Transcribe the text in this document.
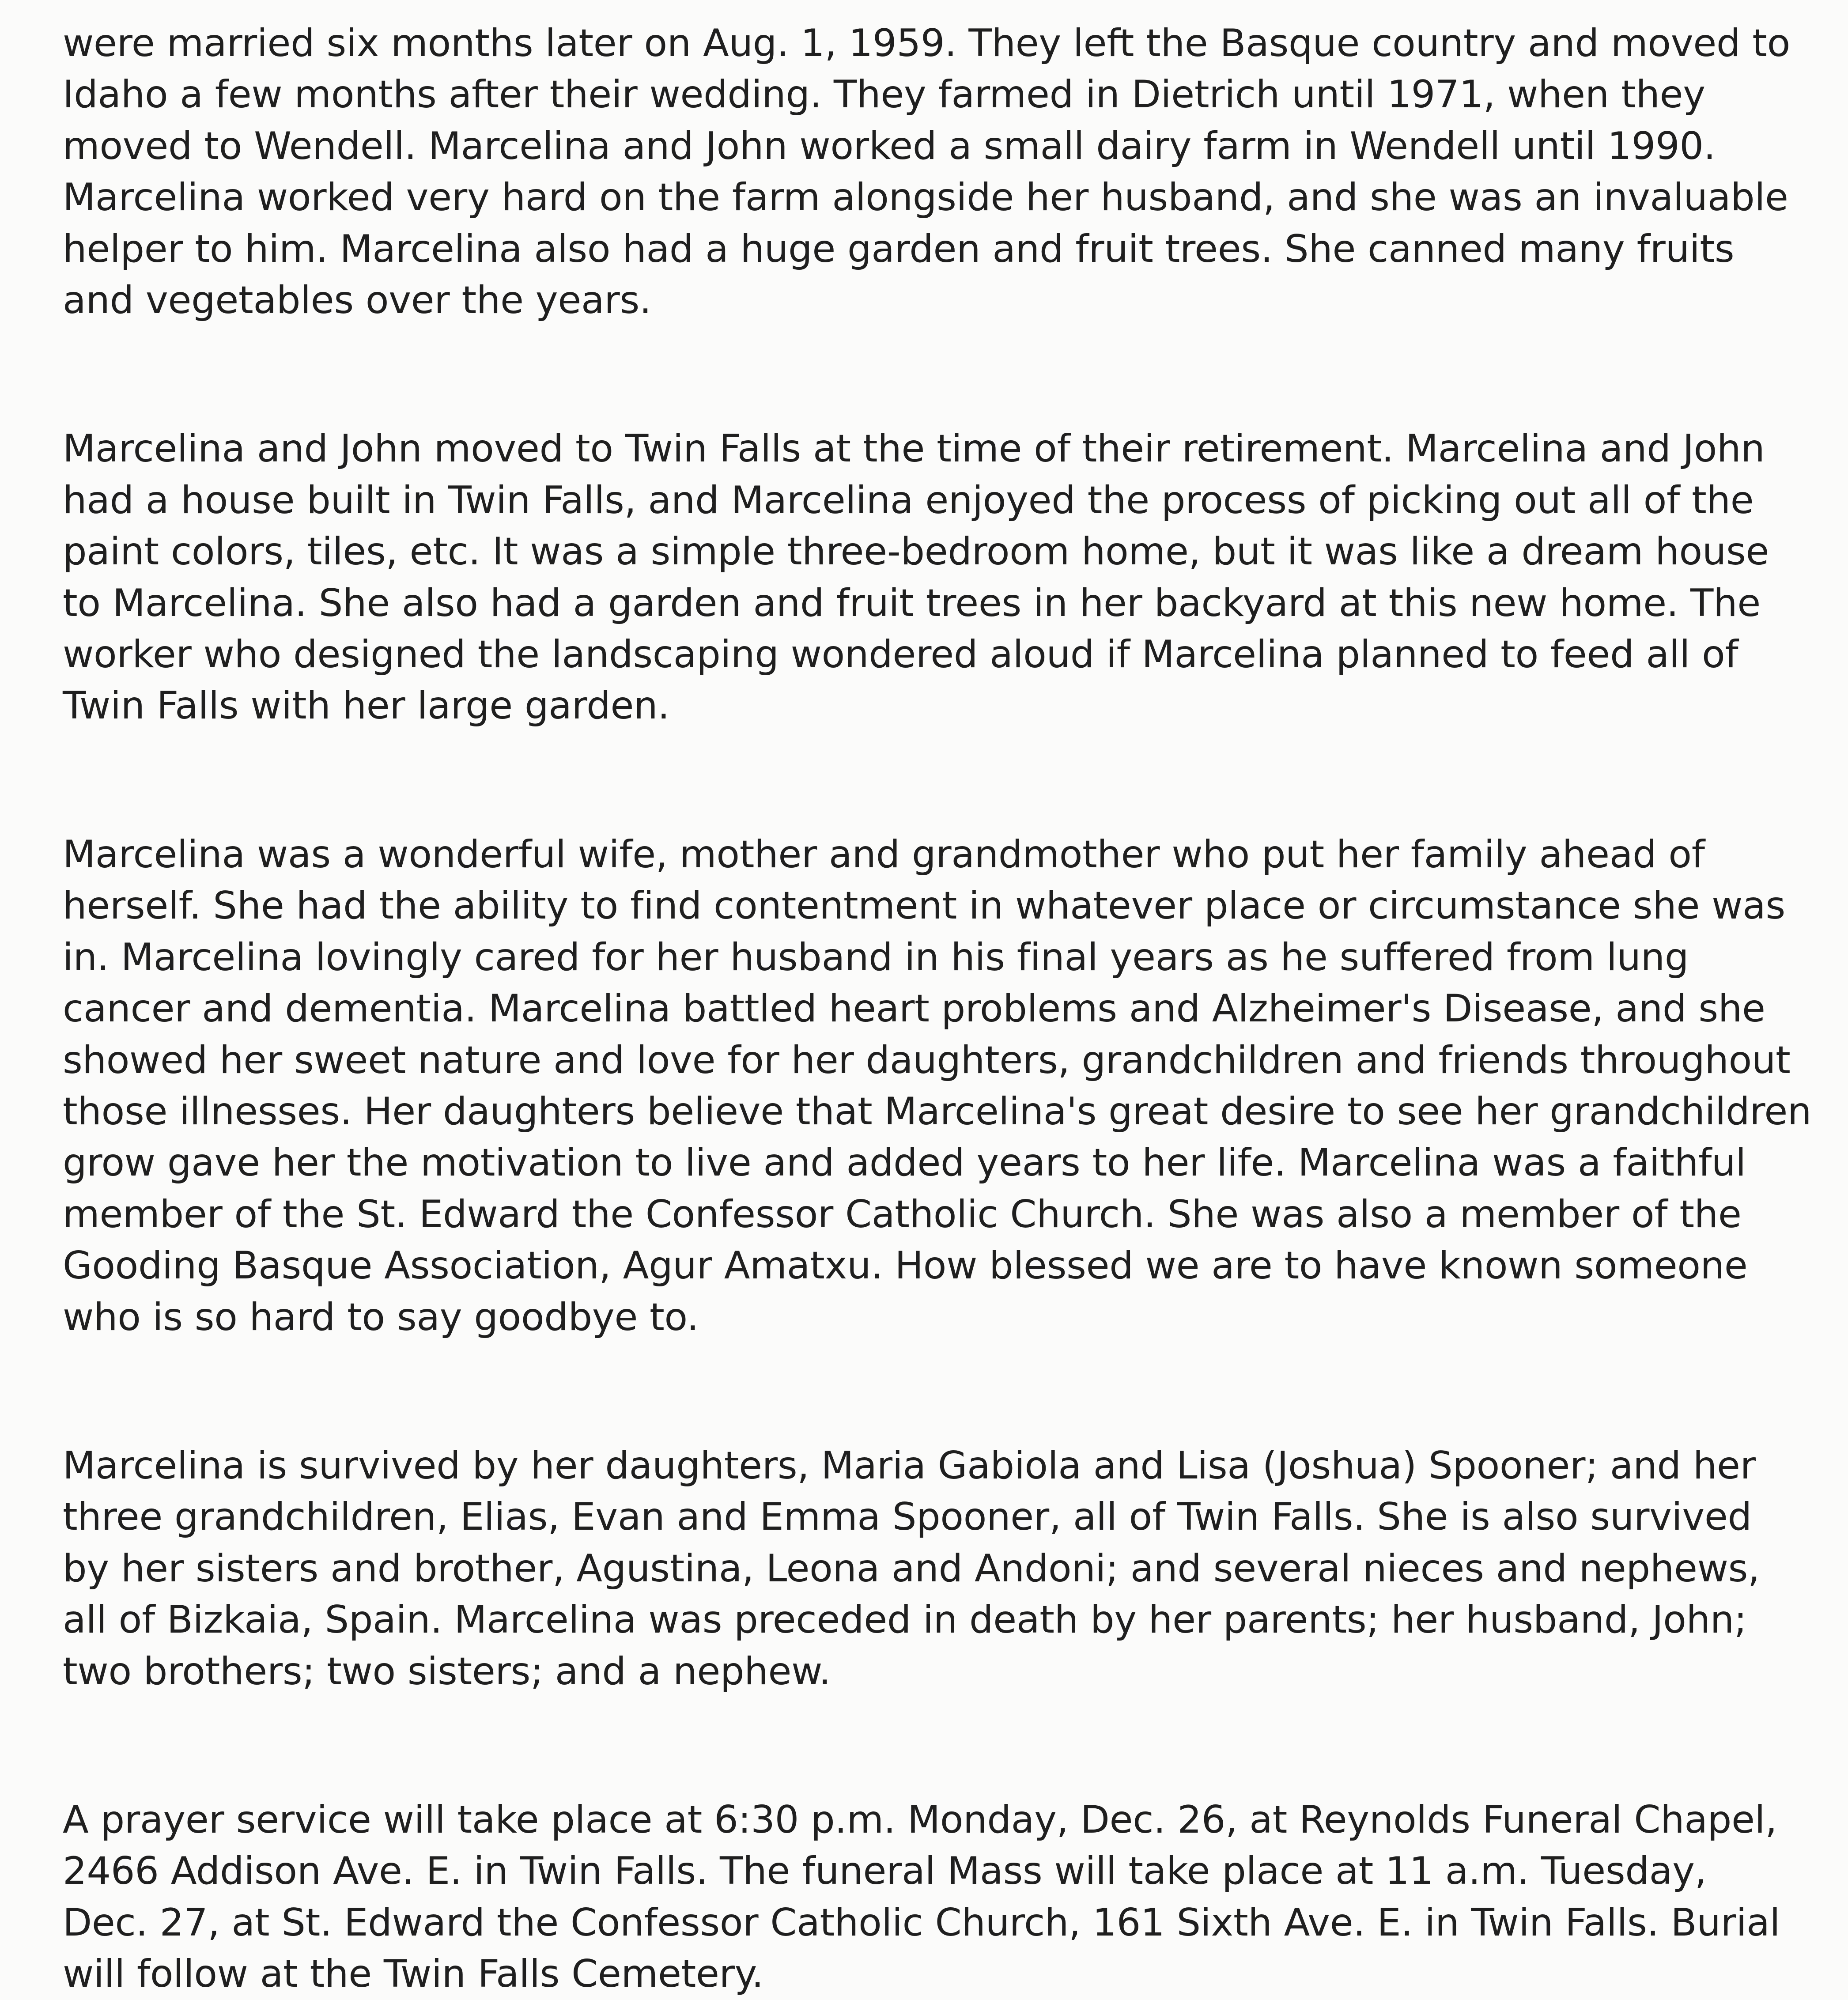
were married six months later on Aug. 1, 1959. They left the Basque country and moved to
Idaho a few months after their wedding. They farmed in Dietrich until 1971, when they
moved to Wendell. Marcelina and John worked a small dairy farm in Wendell until 1990.
Marcelina worked very hard on the farm alongside her husband, and she was an invaluable
helper to him. Marcelina also had a huge garden and fruit trees. She canned many fruits
and vegetables over the years.
Marcelina and John moved to Twin Falls at the time of their retirement. Marcelina and John
had a house built in Twin Falls, and Marcelina enjoyed the process of picking out all of the
paint colors, tiles, etc. It was a simple three-bedroom home, but it was like a dream house
to Marcelina. She also had a garden and fruit trees in her backyard at this new home. The
worker who designed the landscaping wondered aloud if Marcelina planned to feed all of
Twin Falls with her large garden.
Marcelina was a wonderful wife, mother and grandmother who put her family ahead of
herself. She had the ability to find contentment in whatever place or circumstance she was
in. Marcelina lovingly cared for her husband in his final years as he suffered from lung
cancer and dementia. Marcelina battled heart problems and Alzheimer's Disease, and she
showed her sweet nature and love for her daughters, grandchildren and friends throughout
those illnesses. Her daughters believe that Marcelina's great desire to see her grandchildren
grow gave her the motivation to live and added years to her life. Marcelina was a faithful
member of the St. Edward the Confessor Catholic Church. She was also a member of the
Gooding Basque Association, Agur Amatxu. How blessed we are to have known someone
who is so hard to say goodbye to.
Marcelina is survived by her daughters, Maria Gabiola and Lisa (Joshua) Spooner; and her
three grandchildren, Elias, Evan and Emma Spooner, all of Twin Falls. She is also survived
by her sisters and brother, Agustina, Leona and Andoni; and several nieces and nephews,
all of Bizkaia, Spain. Marcelina was preceded in death by her parents; her husband, John;
two brothers; two sisters; and a nephew.
A prayer service will take place at 6:30 p.m. Monday, Dec. 26, at Reynolds Funeral Chapel,
2466 Addison Ave. E. in Twin Falls. The funeral Mass will take place at 11 a.m. Tuesday,
Dec. 27, at St. Edward the Confessor Catholic Church, 161 Sixth Ave. E. in Twin Falls. Burial
will follow at the Twin Falls Cemetery.
